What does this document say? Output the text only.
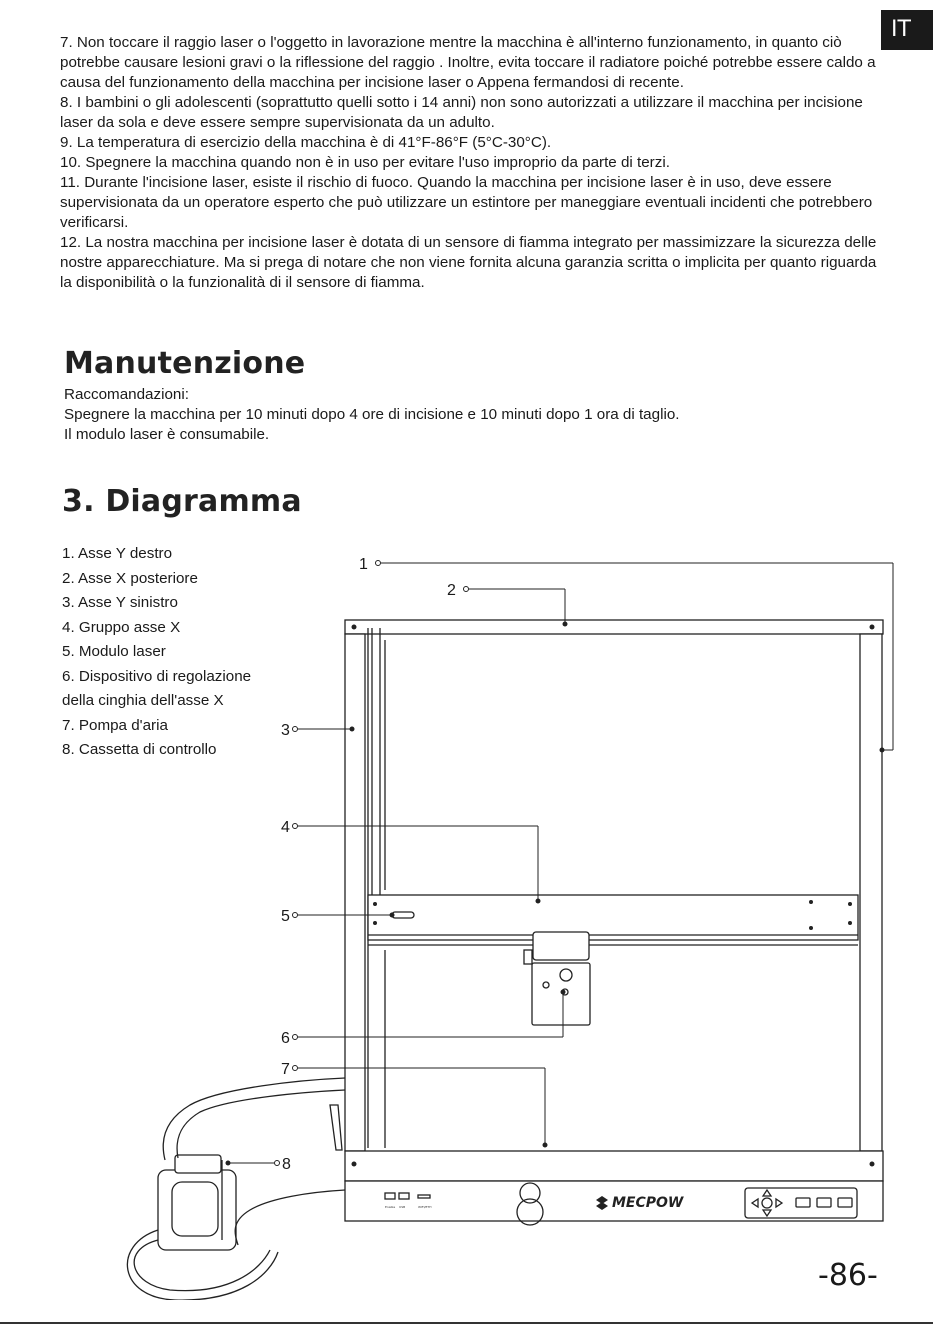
IT
7. Non toccare il raggio laser o l'oggetto in lavorazione mentre la macchina è all'interno funzionamento, in quanto ciò potrebbe causare lesioni gravi o la riflessione del raggio . Inoltre, evita toccare il radiatore poiché potrebbe essere caldo a causa del funzionamento della macchina per incisione laser o Appena fermandosi di recente.
8. I bambini o gli adolescenti (soprattutto quelli sotto i 14 anni) non sono autorizzati a utilizzare il macchina per incisione laser da sola e deve essere sempre supervisionata da un adulto.
9. La temperatura di esercizio della macchina è di 41°F-86°F (5°C-30°C).
10. Spegnere la macchina quando non è in uso per evitare l'uso improprio da parte di terzi.
11. Durante l'incisione laser, esiste il rischio di fuoco. Quando la macchina per incisione laser è in uso, deve essere supervisionata da un operatore esperto che può utilizzare un estintore per maneggiare eventuali incidenti che potrebbero verificarsi.
12. La nostra macchina per incisione laser è dotata di un sensore di fiamma integrato per massimizzare la sicurezza delle nostre apparecchiature. Ma si prega di notare che non viene fornita alcuna garanzia scritta o implicita per quanto riguarda la disponibilità o la funzionalità di il sensore di fiamma.
Manutenzione
Raccomandazioni:
Spegnere la macchina per 10 minuti dopo 4 ore di incisione e 10 minuti dopo 1 ora di taglio.
Il modulo laser è consumabile.
3. Diagramma
1. Asse Y destro
2. Asse X posteriore
3. Asse Y sinistro
4. Gruppo asse X
5. Modulo laser
6. Dispositivo di regolazione
della cinghia dell'asse X
7. Pompa d'aria
8. Cassetta di controllo
MECPOW
Enable USB	WIFI/ETH
1
2
3
4
5
6
7
8
-86-
